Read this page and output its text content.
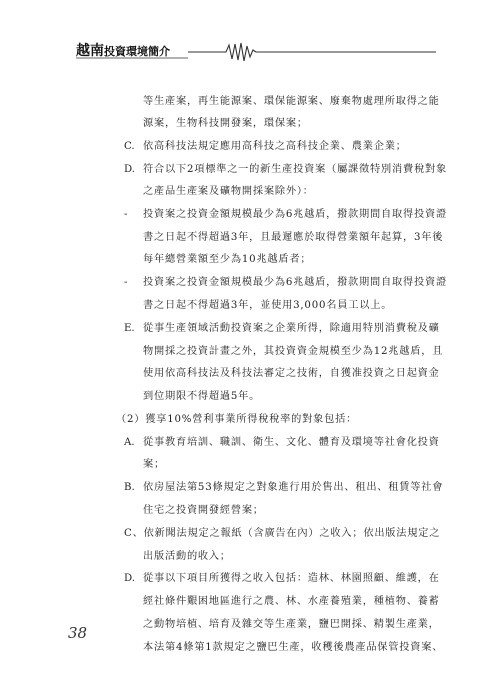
越南投資環境簡介
等生產案，再生能源案、環保能源案、廢棄物處理所取得之能
源案，生物科技開發案，環保案；
C. 依高科技法規定應用高科技之高科技企業、農業企業；
D. 符合以下2項標準之一的新生產投資案（屬課徵特別消費稅對象
之產品生產案及礦物開採案除外）：
- 投資案之投資金額規模最少為6兆越盾，撥款期間自取得投資證
書之日起不得超過3年，且最遲應於取得營業額年起算，3年後
每年總營業額至少為10兆越盾者；
- 投資案之投資金額規模最少為6兆越盾，撥款期間自取得投資證
書之日起不得超過3年，並使用3,000名員工以上。
E. 從事生產領域活動投資案之企業所得，除適用特別消費稅及礦
物開採之投資計畫之外，其投資資金規模至少為12兆越盾，且
使用依高科技法及科技法審定之技術，自獲准投資之日起資金
到位期限不得超過5年。
（2）獲享10%營利事業所得稅稅率的對象包括：
A. 從事教育培訓、職訓、衛生、文化、體育及環境等社會化投資
案；
B. 依房屋法第53條規定之對象進行用於售出、租出、租賃等社會
住宅之投資開發經營案；
C、依新聞法規定之報紙（含廣告在內）之收入；依出版法規定之
出版活動的收入；
D. 從事以下項目所獲得之收入包括：造林、林園照顧、維護，在
經社條件艱困地區進行之農、林、水產養殖業，種植物、養蓄
之動物培植、培育及雜交等生產業，鹽巴開採、精製生產業，
本法第4條第1款規定之鹽巴生產，收穫後農產品保管投資案、
38
